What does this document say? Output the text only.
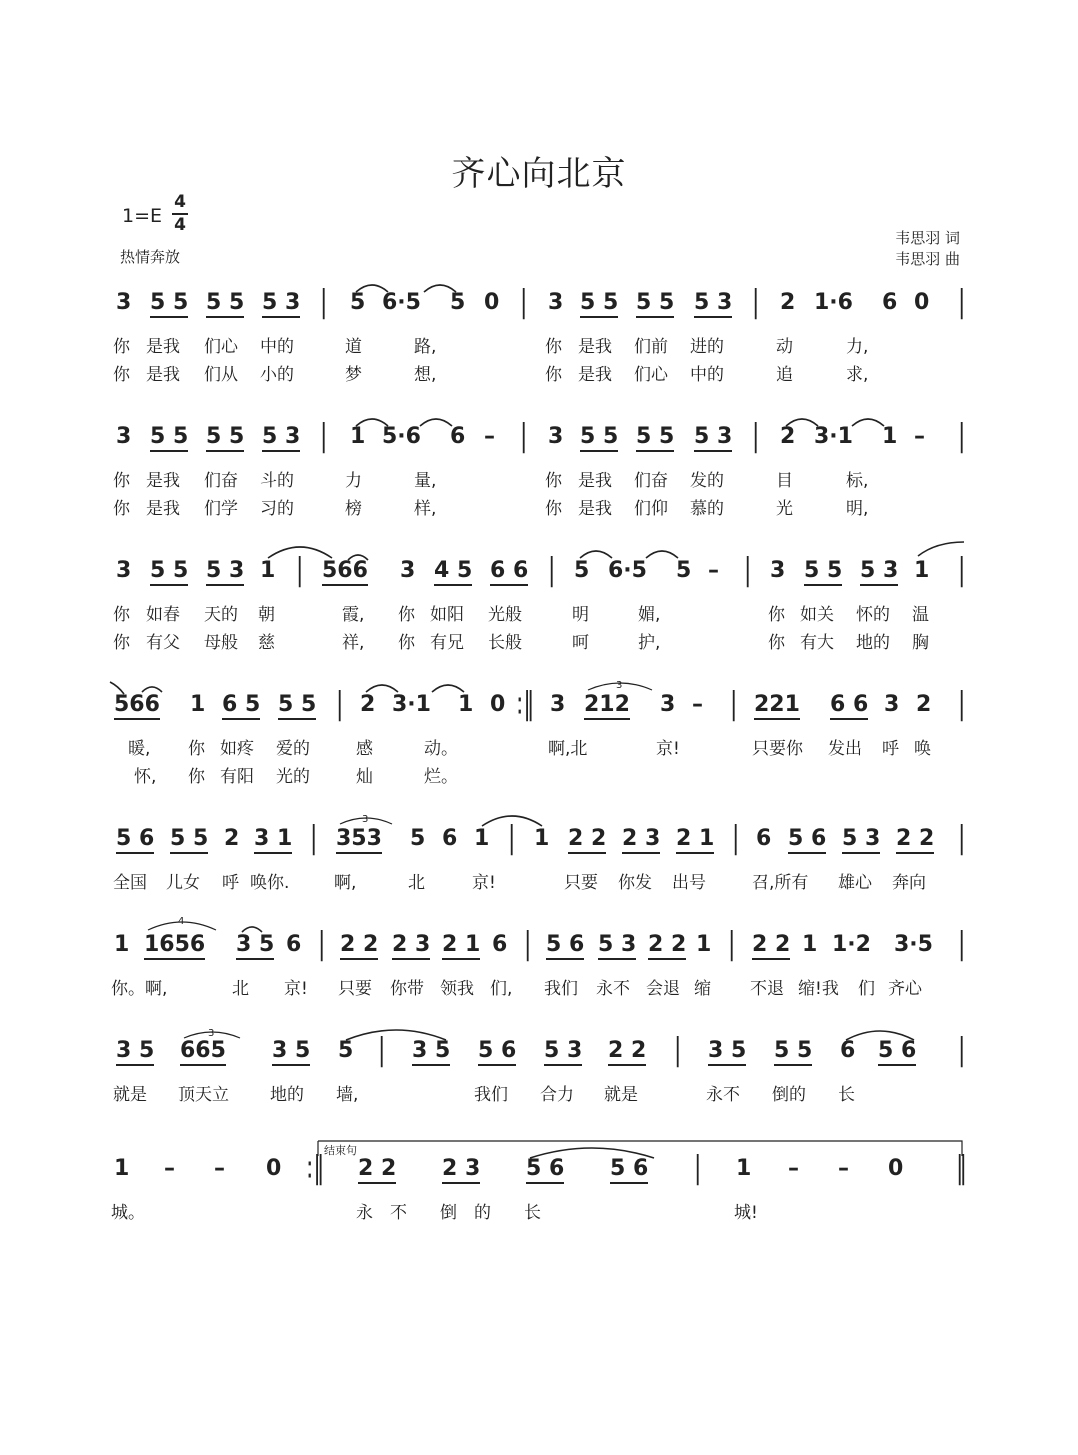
齐心向北京
1=E
4
4
热情奔放
韦思羽 词
韦思羽 曲
3 5 5 5 5 5 3 | 5 6·5 5 0 | 3 5 5 5 5 5 3 | 2 1·6 6 0 |
你 是我 们心 中的	道	路,	你 是我 们前 进的	动	力,
你 是我 们从 小的	梦	想,	你 是我 们心 中的	追	求,
3 5 5 5 5 5 3 | 1 5·6 6 – | 3 5 5 5 5 5 3 | 2 3·1 1 – |
你 是我 们奋 斗的	力	量,	你 是我 们奋 发的	目	标,
你 是我 们学 习的	榜	样,	你 是我 们仰 慕的	光	明,
3 5 5 5 3 1 | 566 3 4 5 6 6 | 5 6·5 5 – | 3 5 5 5 3 1 |
你 如春 天的 朝	霞, 你 如阳 光般	明	媚,	你 如关 怀的 温
你 有父 母般 慈	祥, 你 有兄 长般	呵	护,	你 有大 地的 胸
566 1 6 5 5 5 | 2 3·1 1 0 :‖ 3 212 3 – | 221 6 6 3 2 |
暖, 你 如疼 爱的	感	动。	啊,北	京!	只要你 发出 呼 唤
怀, 你 有阳 光的	灿	烂。
5 6 5 5 2 3 1 | 353 5 6 1 | 1 2 2 2 3 2 1 | 6 5 6 5 3 2 2 |
全国 儿女 呼 唤你.	啊,	北	京!	只要 你发 出号	召,所有 雄心 奔向
1 1656 3 5 6 | 2 2 2 3 2 1 6 | 5 6 5 3 2 2 1 | 2 2 1 1·2 3·5 |
你。啊,	北 京! 只要 你带 领我 们, 我们 永不 会退 缩 不退 缩!我 们 齐心
3 5 665 3 5 5 | 3 5 5 6 5 3 2 2 | 3 5 5 5 6 5 6 |
就是 顶天立 地的 墙,	我们 合力 就是	永不 倒的 长
1 – – 0 :‖ 2 2 2 3 5 6 5 6 | 1 – – 0 ‖
城。	永 不 倒 的 长	城!
3
3
4
3
结束句
